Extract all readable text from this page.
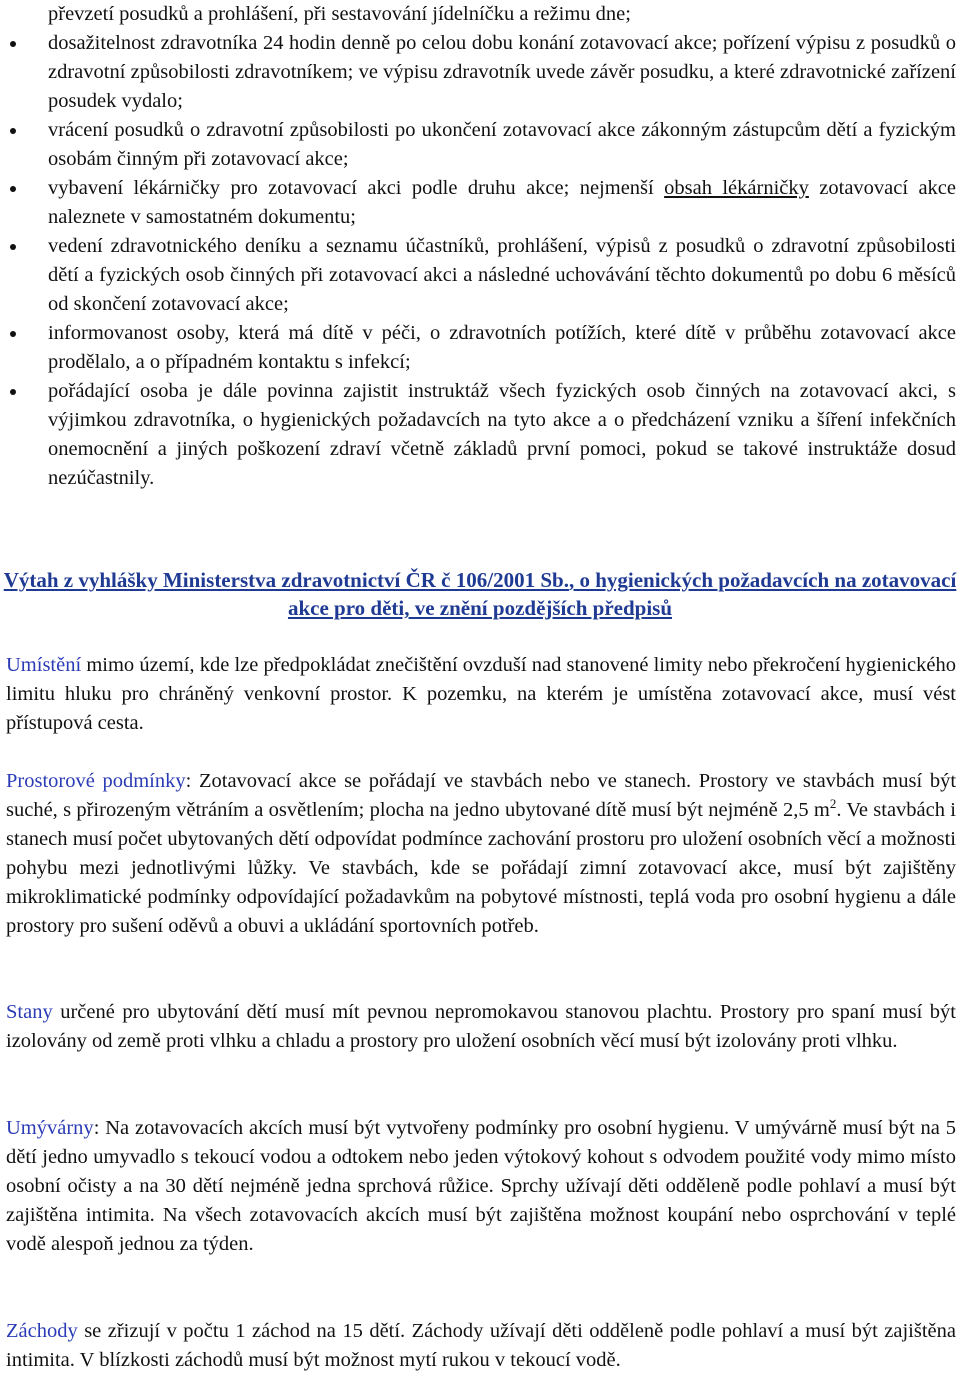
převzetí posudků a prohlášení, při sestavování jídelníčku a režimu dne;
dosažitelnost zdravotníka 24 hodin denně po celou dobu konání zotavovací akce; pořízení výpisu z posudků o zdravotní způsobilosti zdravotníkem; ve výpisu zdravotník uvede závěr posudku, a které zdravotnické zařízení posudek vydalo;
vrácení posudků o zdravotní způsobilosti po ukončení zotavovací akce zákonným zástupcům dětí a fyzickým osobám činným při zotavovací akce;
vybavení lékárničky pro zotavovací akci podle druhu akce; nejmenší obsah lékárničky zotavovací akce naleznete v samostatném dokumentu;
vedení zdravotnického deníku a seznamu účastníků, prohlášení, výpisů z posudků o zdravotní způsobilosti dětí a fyzických osob činných při zotavovací akci a následné uchovávání těchto dokumentů po dobu 6 měsíců od skončení zotavovací akce;
informovanost osoby, která má dítě v péči, o zdravotních potížích, které dítě v průběhu zotavovací akce prodělalo, a o případném kontaktu s infekcí;
pořádající osoba je dále povinna zajistit instruktáž všech fyzických osob činných na zotavovací akci, s výjimkou zdravotníka, o hygienických požadavcích na tyto akce a o předcházení vzniku a šíření infekčních onemocnění a jiných poškození zdraví včetně základů první pomoci, pokud se takové instruktáže dosud nezúčastnily.
Výtah z vyhlášky Ministerstva zdravotnictví ČR č 106/2001 Sb., o hygienických požadavcích na zotavovací akce pro děti, ve znění pozdějších předpisů

Umístění mimo území, kde lze předpokládat znečištění ovzduší nad stanovené limity nebo překročení hygienického limitu hluku pro chráněný venkovní prostor. K pozemku, na kterém je umístěna zotavovací akce, musí vést přístupová cesta.

Prostorové podmínky: Zotavovací akce se pořádají ve stavbách nebo ve stanech. Prostory ve stavbách musí být suché, s přirozeným větráním a osvětlením; plocha na jedno ubytované dítě musí být nejméně 2,5 $m^2$. Ve stavbách i stanech musí počet ubytovaných dětí odpovídat podmínce zachování prostoru pro uložení osobních věcí a možnosti pohybu mezi jednotlivými lůžky. Ve stavbách, kde se pořádají zimní zotavovací akce, musí být zajištěny mikroklimatické podmínky odpovídající požadavkům na pobytové místnosti, teplá voda pro osobní hygienu a dále prostory pro sušení oděvů a obuvi a ukládání sportovních potřeb.

Stany určené pro ubytování dětí musí mít pevnou nepromokavou stanovou plachtu. Prostory pro spaní musí být izolovány od země proti vlhku a chladu a prostory pro uložení osobních věcí musí být izolovány proti vlhku.

Umývárny: Na zotavovacích akcích musí být vytvořeny podmínky pro osobní hygienu. V umývárně musí být na 5 dětí jedno umyvadlo s tekoucí vodou a odtokem nebo jeden výtokový kohout s odvodem použité vody mimo místo osobní očisty a na 30 dětí nejméně jedna sprchová růžice. Sprchy užívají děti odděleně podle pohlaví a musí být zajištěna intimita. Na všech zotavovacích akcích musí být zajištěna možnost koupání nebo osprchování v teplé vodě alespoň jednou za týden.

Záchody se zřizují v počtu 1 záchod na 15 dětí. Záchody užívají děti odděleně podle pohlaví a musí být zajištěna intimita. V blízkosti záchodů musí být možnost mytí rukou v tekoucí vodě.
